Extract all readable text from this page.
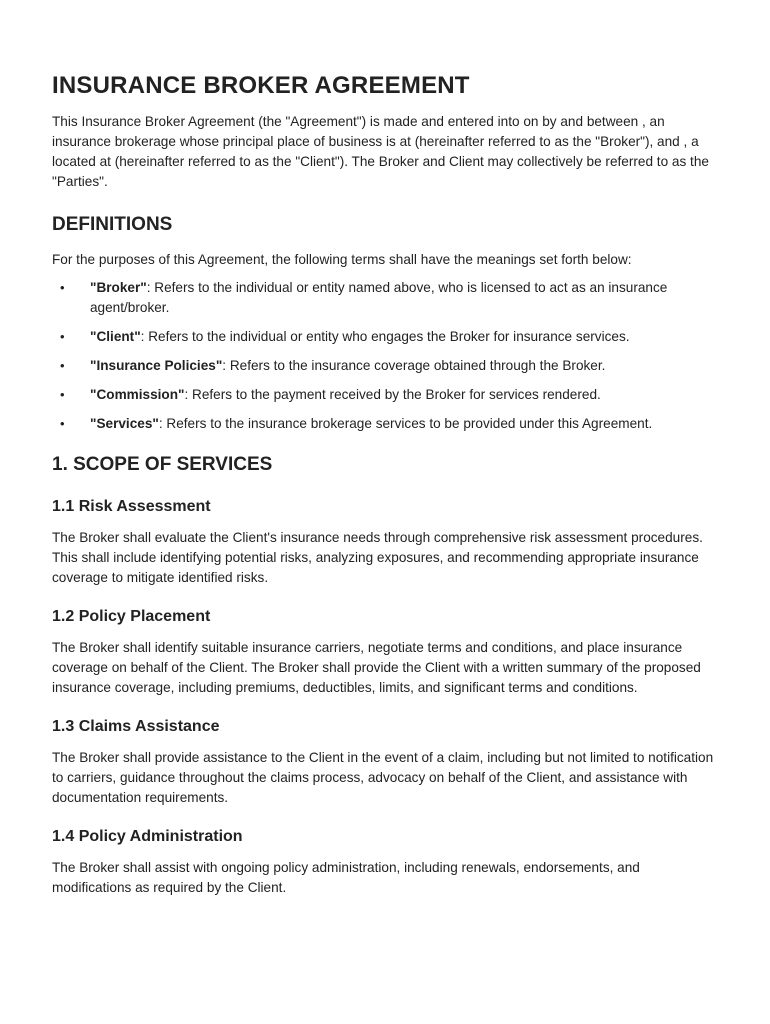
INSURANCE BROKER AGREEMENT

This Insurance Broker Agreement (the "Agreement") is made and entered into on by and between , an insurance brokerage whose principal place of business is at (hereinafter referred to as the "Broker"), and , a located at (hereinafter referred to as the "Client"). The Broker and Client may collectively be referred to as the "Parties".

DEFINITIONS

For the purposes of this Agreement, the following terms shall have the meanings set forth below:

• "Broker": Refers to the individual or entity named above, who is licensed to act as an insurance agent/broker.
• "Client": Refers to the individual or entity who engages the Broker for insurance services.
• "Insurance Policies": Refers to the insurance coverage obtained through the Broker.
• "Commission": Refers to the payment received by the Broker for services rendered.
• "Services": Refers to the insurance brokerage services to be provided under this Agreement.
1. SCOPE OF SERVICES
1.1 Risk Assessment

The Broker shall evaluate the Client's insurance needs through comprehensive risk assessment procedures. This shall include identifying potential risks, analyzing exposures, and recommending appropriate insurance coverage to mitigate identified risks.

1.2 Policy Placement

The Broker shall identify suitable insurance carriers, negotiate terms and conditions, and place insurance coverage on behalf of the Client. The Broker shall provide the Client with a written summary of the proposed insurance coverage, including premiums, deductibles, limits, and significant terms and conditions.

1.3 Claims Assistance

The Broker shall provide assistance to the Client in the event of a claim, including but not limited to notification to carriers, guidance throughout the claims process, advocacy on behalf of the Client, and assistance with documentation requirements.

1.4 Policy Administration

The Broker shall assist with ongoing policy administration, including renewals, endorsements, and modifications as required by the Client.
